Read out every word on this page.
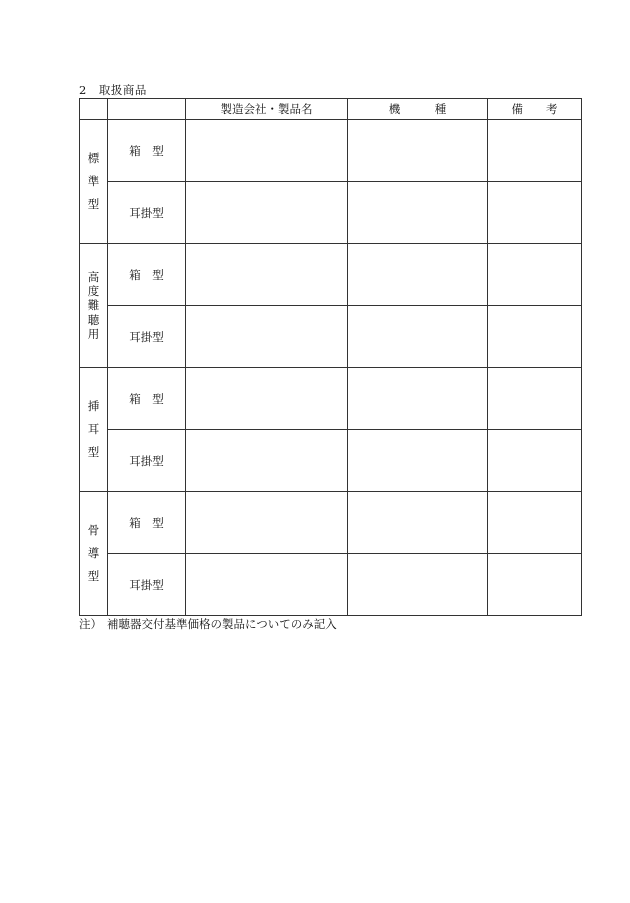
2　取扱商品
		製造会社・製品名	機　　　種	備　　考

標
準
型	箱　型			
	耳掛型			

高
度
難
聴
用	箱　型			
	耳掛型			

挿
耳
型	箱　型			
	耳掛型			

骨
導
型	箱　型			
	耳掛型			
注） 補聴器交付基準価格の製品についてのみ記入
